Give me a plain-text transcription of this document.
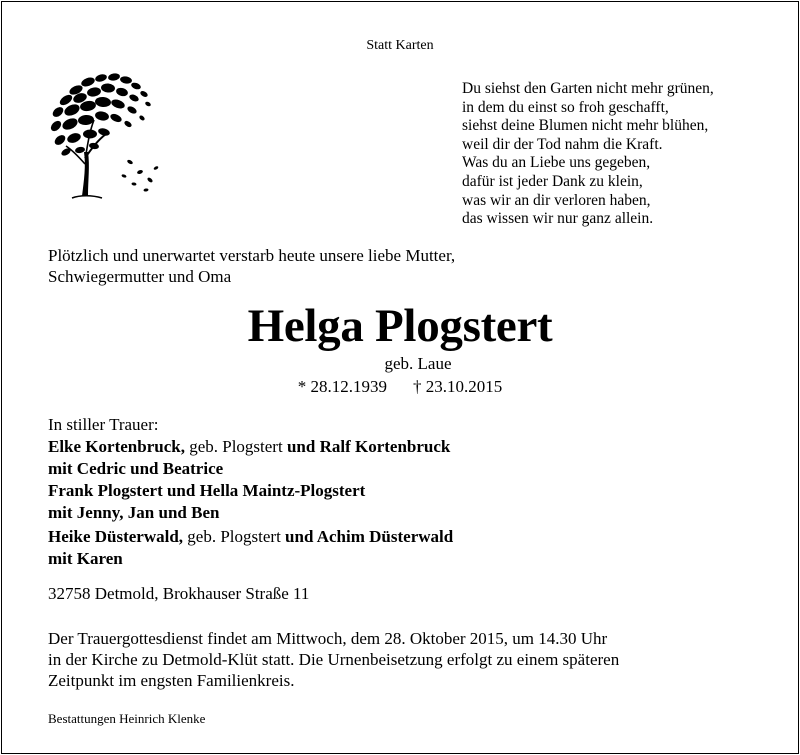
Statt Karten
Du siehst den Garten nicht mehr grünen,
in dem du einst so froh geschafft,
siehst deine Blumen nicht mehr blühen,
weil dir der Tod nahm die Kraft.
Was du an Liebe uns gegeben,
dafür ist jeder Dank zu klein,
was wir an dir verloren haben,
das wissen wir nur ganz allein.
Plötzlich und unerwartet verstarb heute unsere liebe Mutter,
Schwiegermutter und Oma
Helga Plogstert
geb. Laue
* 28.12.1939 † 23.10.2015
In stiller Trauer:
Elke Kortenbruck, geb. Plogstert und Ralf Kortenbruck
mit Cedric und Beatrice
Frank Plogstert und Hella Maintz-Plogstert
mit Jenny, Jan und Ben
Heike Düsterwald, geb. Plogstert und Achim Düsterwald
mit Karen
32758 Detmold, Brokhauser Straße 11
Der Trauergottesdienst findet am Mittwoch, dem 28. Oktober 2015, um 14.30 Uhr
in der Kirche zu Detmold-Klüt statt. Die Urnenbeisetzung erfolgt zu einem späteren
Zeitpunkt im engsten Familienkreis.
Bestattungen Heinrich Klenke
